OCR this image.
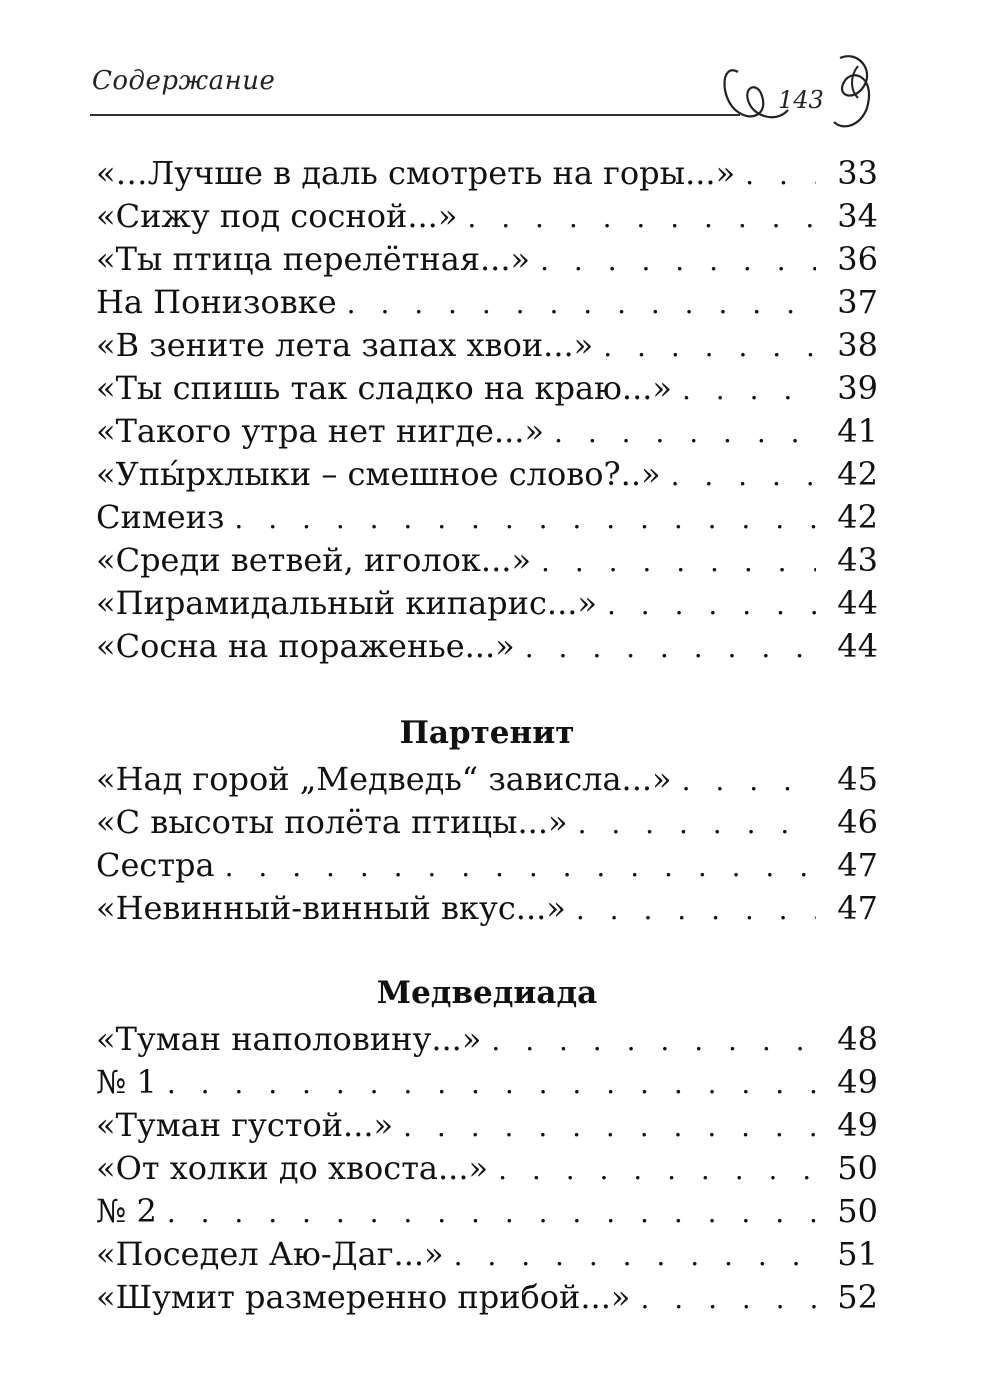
Содержание
143
«…Лучше в даль смотреть на горы...» . . .	33
«Сижу под сосной...» . . .	34
«Ты птица перелётная...» . . .	36
На Понизовке . . .	37
«В зените лета запах хвои...» . . .	38
«Ты спишь так сладко на краю...» . . .	39
«Такого утра нет нигде...» . . .	41
«Упы́рхлыки – смешное слово?..» . . .	42
Симеиз . . .	42
«Среди ветвей, иголок...» . . .	43
«Пирамидальный кипарис...» . . .	44
«Сосна на пораженье...» . . .	44
Партенит
«Над горой „Медведь“ зависла...» . . .	45
«С высоты полёта птицы...» . . .	46
Сестра . . .	47
«Невинный-винный вкус...» . . .	47
Медведиада
«Туман наполовину...» . . .	48
№ 1 . . .	49
«Туман густой...» . . .	49
«От холки до хвоста...» . . .	50
№ 2 . . .	50
«Поседел Аю-Даг...» . . .	51
«Шумит размеренно прибой...» . . .	52
